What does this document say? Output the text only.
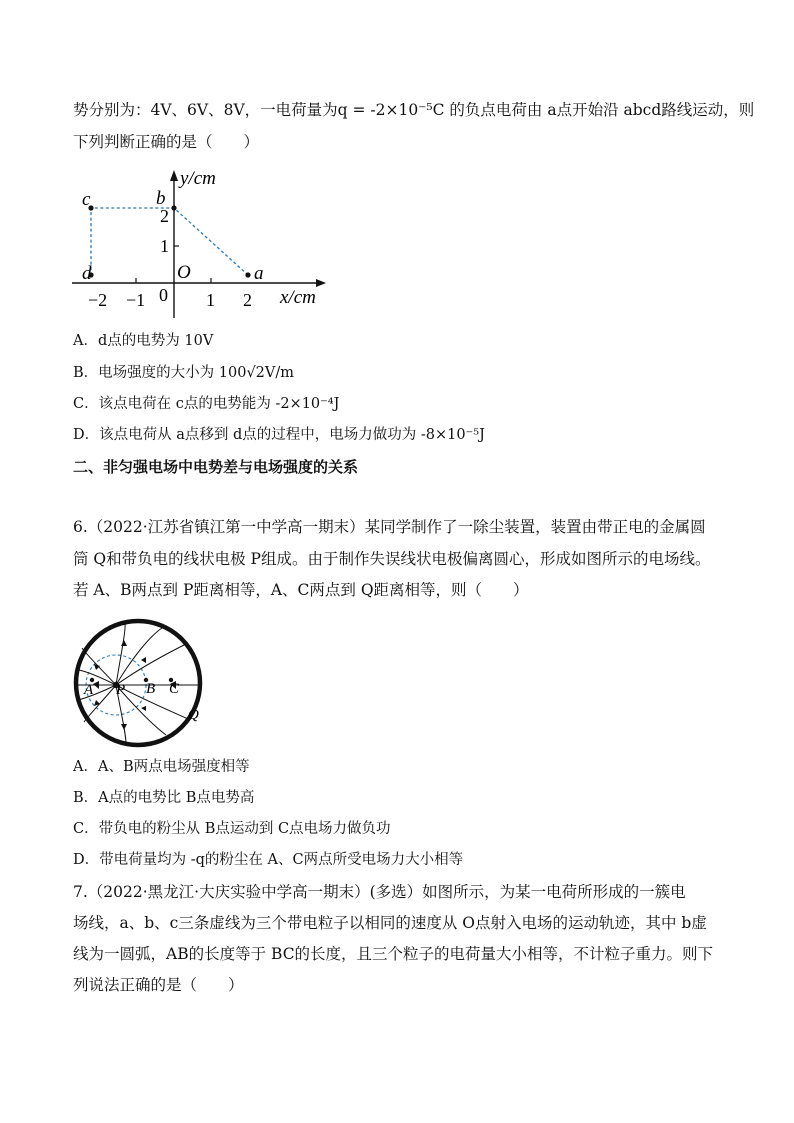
势分别为：4V、6V、8V，一电荷量为q = -2×10⁻⁵C 的负点电荷由 a点开始沿 abcd路线运动，则
下列判断正确的是（　　）
y/cm
x/cm
b
c
d	a
O
0
−2 −1	1 2
1
2
A．d点的电势为 10V
B．电场强度的大小为 100√2V/m
C．该点电荷在 c点的电势能为 -2×10⁻⁴J
D．该点电荷从 a点移到 d点的过程中，电场力做功为 -8×10⁻⁵J
二、非匀强电场中电势差与电场强度的关系
6.（2022·江苏省镇江第一中学高一期末）某同学制作了一除尘装置，装置由带正电的金属圆
筒 Q和带负电的线状电极 P组成。由于制作失误线状电极偏离圆心，形成如图所示的电场线。
若 A、B两点到 P距离相等，A、C两点到 Q距离相等，则（　　）
A P B C
Q
A．A、B两点电场强度相等
B．A点的电势比 B点电势高
C．带负电的粉尘从 B点运动到 C点电场力做负功
D．带电荷量均为 -q的粉尘在 A、C两点所受电场力大小相等
7.（2022·黑龙江·大庆实验中学高一期末）(多选）如图所示，为某一电荷所形成的一簇电
场线，a、b、c三条虚线为三个带电粒子以相同的速度从 O点射入电场的运动轨迹，其中 b虚
线为一圆弧，AB的长度等于 BC的长度，且三个粒子的电荷量大小相等，不计粒子重力。则下
列说法正确的是（　　）
